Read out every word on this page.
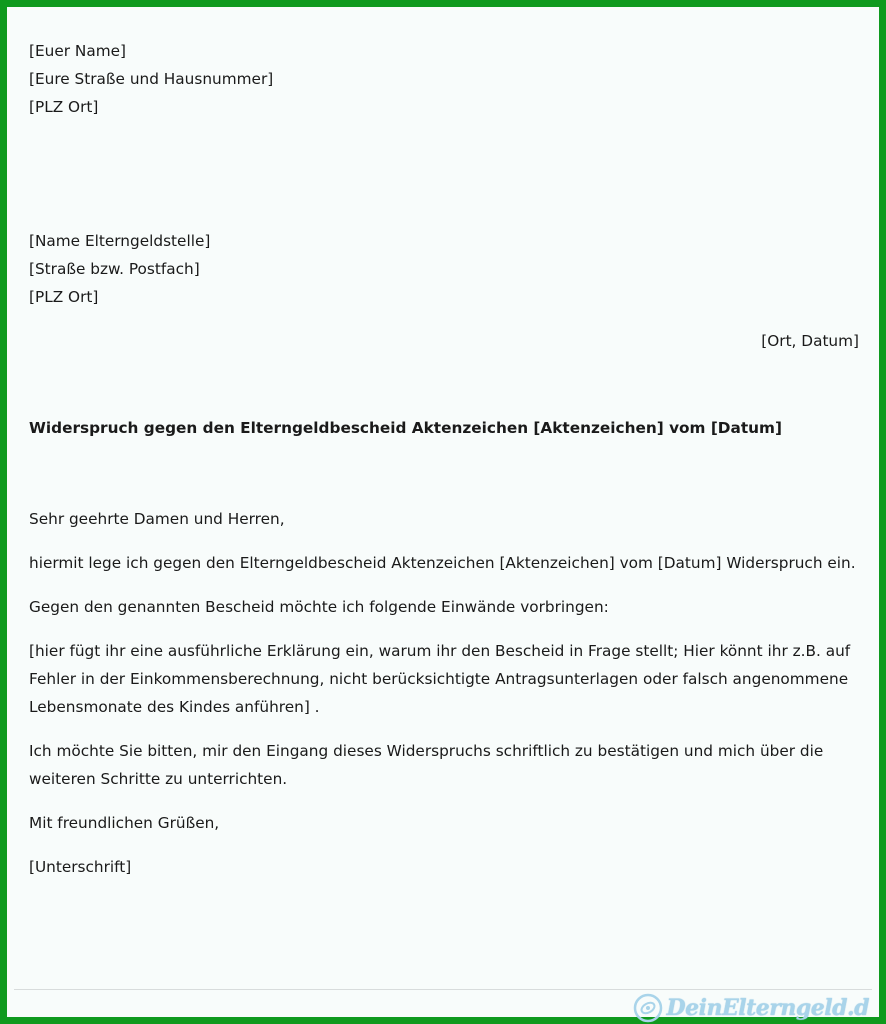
[Euer Name]
[Eure Straße und Hausnummer]
[PLZ Ort]
[Name Elterngeldstelle]
[Straße bzw. Postfach]
[PLZ Ort]
[Ort, Datum]
Widerspruch gegen den Elterngeldbescheid Aktenzeichen [Aktenzeichen] vom [Datum]

Sehr geehrte Damen und Herren,

hiermit lege ich gegen den Elterngeldbescheid Aktenzeichen [Aktenzeichen] vom [Datum] Widerspruch ein.

Gegen den genannten Bescheid möchte ich folgende Einwände vorbringen:

[hier fügt ihr eine ausführliche Erklärung ein, warum ihr den Bescheid in Frage stellt; Hier könnt ihr z.B. auf Fehler in der Einkommensberechnung, nicht berücksichtigte Antragsunterlagen oder falsch angenommene Lebensmonate des Kindes anführen] .

Ich möchte Sie bitten, mir den Eingang dieses Widerspruchs schriftlich zu bestätigen und mich über die weiteren Schritte zu unterrichten.

Mit freundlichen Grüßen,

[Unterschrift]

DeinElterngeld.d
